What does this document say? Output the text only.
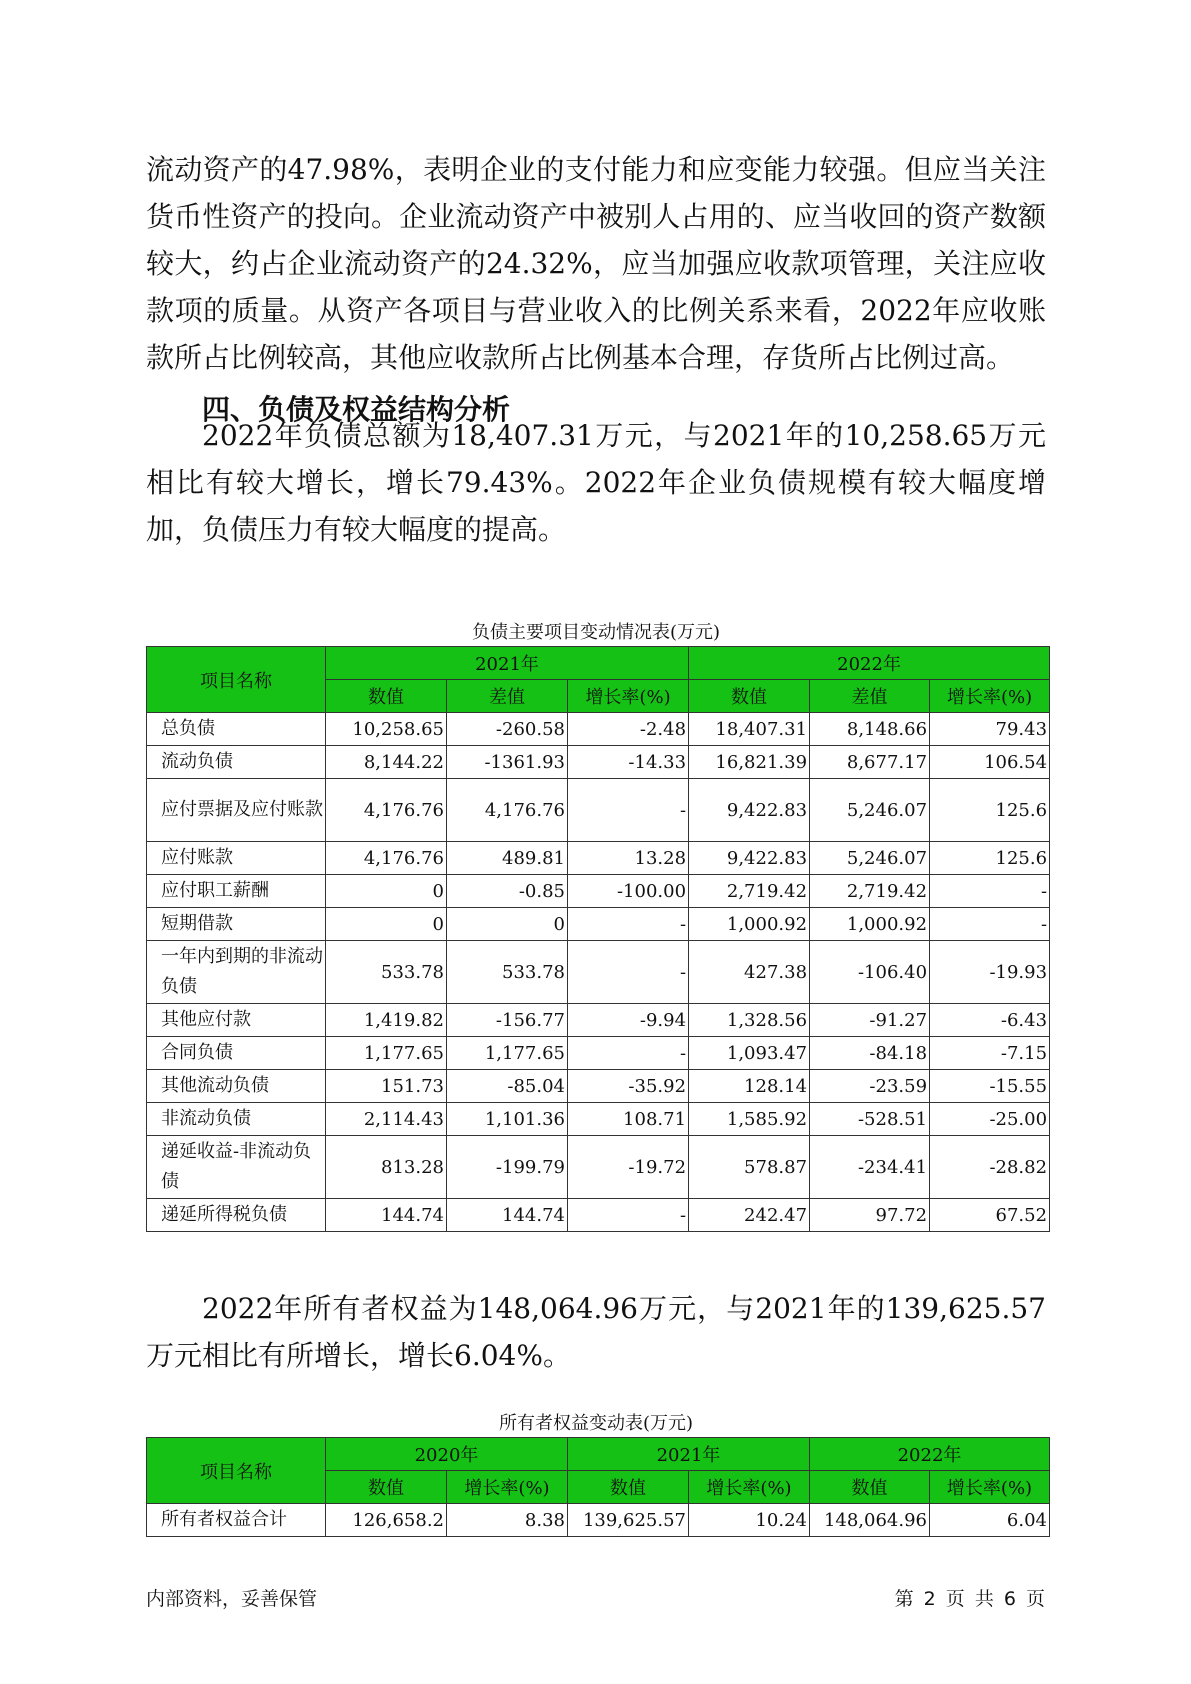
流动资产的47.98%，表明企业的支付能力和应变能力较强。但应当关注货币性资产的投向。企业流动资产中被别人占用的、应当收回的资产数额较大，约占企业流动资产的24.32%，应当加强应收款项管理，关注应收款项的质量。从资产各项目与营业收入的比例关系来看，2022年应收账款所占比例较高，其他应收款所占比例基本合理，存货所占比例过高。

四、负债及权益结构分析

2022年负债总额为18,407.31万元，与2021年的10,258.65万元相比有较大增长，增长79.43%。2022年企业负债规模有较大幅度增加，负债压力有较大幅度的提高。

负债主要项目变动情况表(万元)
项目名称	2021年			2022年		
	数值	差值	增长率(%)	数值	差值	增长率(%)
总负债	10,258.65	-260.58	-2.48	18,407.31	8,148.66	79.43
流动负债	8,144.22	-1361.93	-14.33	16,821.39	8,677.17	106.54
应付票据及应付账款	4,176.76	4,176.76	-	9,422.83	5,246.07	125.6
应付账款	4,176.76	489.81	13.28	9,422.83	5,246.07	125.6
应付职工薪酬	0	-0.85	-100.00	2,719.42	2,719.42	-
短期借款	0	0	-	1,000.92	1,000.92	-
一年内到期的非流动负债	533.78	533.78	-	427.38	-106.40	-19.93
其他应付款	1,419.82	-156.77	-9.94	1,328.56	-91.27	-6.43
合同负债	1,177.65	1,177.65	-	1,093.47	-84.18	-7.15
其他流动负债	151.73	-85.04	-35.92	128.14	-23.59	-15.55
非流动负债	2,114.43	1,101.36	108.71	1,585.92	-528.51	-25.00
递延收益-非流动负债	813.28	-199.79	-19.72	578.87	-234.41	-28.82
递延所得税负债	144.74	144.74	-	242.47	97.72	67.52

2022年所有者权益为148,064.96万元，与2021年的139,625.57万元相比有所增长，增长6.04%。

所有者权益变动表(万元)
项目名称	2020年		2021年		2022年	
	数值	增长率(%)	数值	增长率(%)	数值	增长率(%)
所有者权益合计	126,658.2	8.38	139,625.57	10.24	148,064.96	6.04
内部资料，妥善保管	第 2 页 共 6 页
